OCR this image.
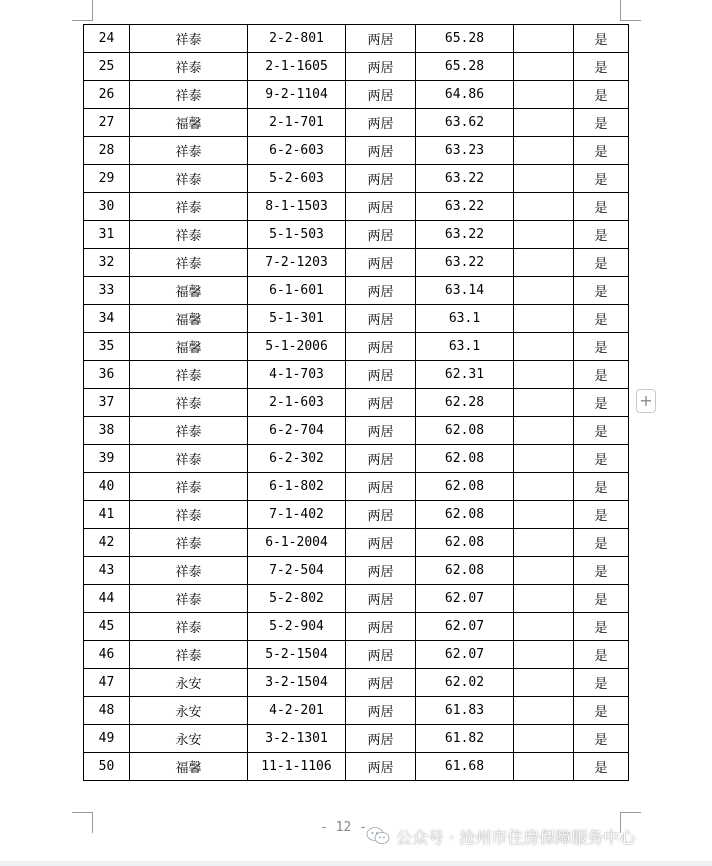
24	祥泰	2-2-801	两居	65.28		是
25	祥泰	2-1-1605	两居	65.28		是
26	祥泰	9-2-1104	两居	64.86		是
27	福馨	2-1-701	两居	63.62		是
28	祥泰	6-2-603	两居	63.23		是
29	祥泰	5-2-603	两居	63.22		是
30	祥泰	8-1-1503	两居	63.22		是
31	祥泰	5-1-503	两居	63.22		是
32	祥泰	7-2-1203	两居	63.22		是
33	福馨	6-1-601	两居	63.14		是
34	福馨	5-1-301	两居	63.1		是
35	福馨	5-1-2006	两居	63.1		是
36	祥泰	4-1-703	两居	62.31		是
37	祥泰	2-1-603	两居	62.28		是
38	祥泰	6-2-704	两居	62.08		是
39	祥泰	6-2-302	两居	62.08		是
40	祥泰	6-1-802	两居	62.08		是
41	祥泰	7-1-402	两居	62.08		是
42	祥泰	6-1-2004	两居	62.08		是
43	祥泰	7-2-504	两居	62.08		是
44	祥泰	5-2-802	两居	62.07		是
45	祥泰	5-2-904	两居	62.07		是
46	祥泰	5-2-1504	两居	62.07		是
47	永安	3-2-1504	两居	62.02		是
48	永安	4-2-201	两居	61.83		是
49	永安	3-2-1301	两居	61.82		是
50	福馨	11-1-1106	两居	61.68		是
+
- 12 - 公众号 · 沧州市住房保障服务中心
